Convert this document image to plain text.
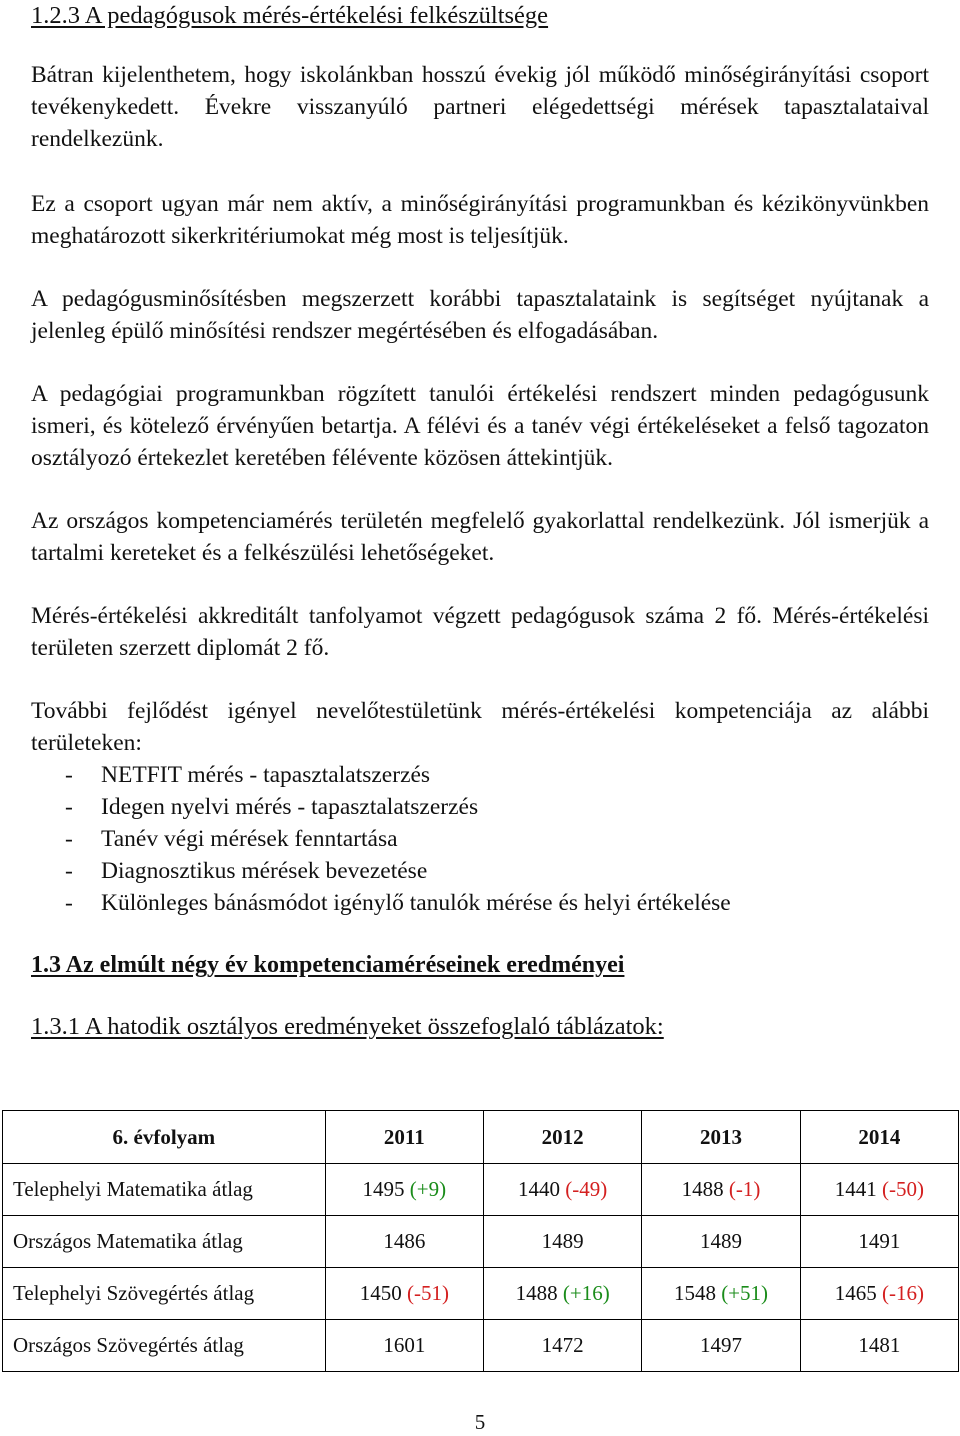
1.2.3 A pedagógusok mérés-értékelési felkészültsége

Bátran kijelenthetem, hogy iskolánkban hosszú évekig jól működő minőségirányítási csoport tevékenykedett. Évekre visszanyúló partneri elégedettségi mérések tapasztalataival rendelkezünk.

Ez a csoport ugyan már nem aktív, a minőségirányítási programunkban és kézikönyvünkben meghatározott sikerkritériumokat még most is teljesítjük.

A pedagógusminősítésben megszerzett korábbi tapasztalataink is segítséget nyújtanak a jelenleg épülő minősítési rendszer megértésében és elfogadásában.

A pedagógiai programunkban rögzített tanulói értékelési rendszert minden pedagógusunk ismeri, és kötelező érvényűen betartja. A félévi és a tanév végi értékeléseket a felső tagozaton osztályozó értekezlet keretében félévente közösen áttekintjük.

Az országos kompetenciamérés területén megfelelő gyakorlattal rendelkezünk. Jól ismerjük a tartalmi kereteket és a felkészülési lehetőségeket.

Mérés-értékelési akkreditált tanfolyamot végzett pedagógusok száma 2 fő. Mérés-értékelési területen szerzett diplomát 2 fő.

További fejlődést igényel nevelőtestületünk mérés-értékelési kompetenciája az alábbi területeken:

- NETFIT mérés - tapasztalatszerzés
- Idegen nyelvi mérés - tapasztalatszerzés
- Tanév végi mérések fenntartása
- Diagnosztikus mérések bevezetése
- Különleges bánásmódot igénylő tanulók mérése és helyi értékelése
1.3 Az elmúlt négy év kompetenciaméréseinek eredményei
1.3.1 A hatodik osztályos eredményeket összefoglaló táblázatok:
6. évfolyam	2011	2012	2013	2014
Telephelyi Matematika átlag	1495 (+9)	1440 (-49)	1488 (-1)	1441 (-50)
Országos Matematika átlag	1486	1489	1489	1491
Telephelyi Szövegértés átlag	1450 (-51)	1488 (+16)	1548 (+51)	1465 (-16)
Országos Szövegértés átlag	1601	1472	1497	1481
5
